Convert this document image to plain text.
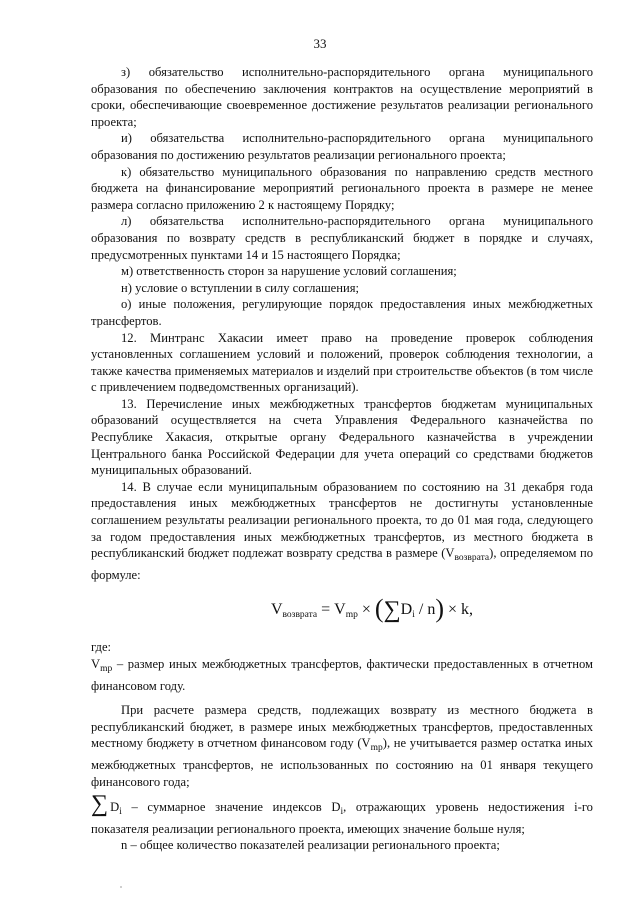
33

з) обязательство исполнительно-распорядительного органа муниципального образования по обеспечению заключения контрактов на осуществление мероприятий в сроки, обеспечивающие своевременное достижение результатов реализации регионального проекта;

и) обязательства исполнительно-распорядительного органа муниципального образования по достижению результатов реализации регионального проекта;

к) обязательство муниципального образования по направлению средств местного бюджета на финансирование мероприятий регионального проекта в размере не менее размера согласно приложению 2 к настоящему Порядку;

л) обязательства исполнительно-распорядительного органа муниципального образования по возврату средств в республиканский бюджет в порядке и случаях, предусмотренных пунктами 14 и 15 настоящего Порядка;

м) ответственность сторон за нарушение условий соглашения;

н) условие о вступлении в силу соглашения;

о) иные положения, регулирующие порядок предоставления иных межбюджетных трансфертов.

12. Минтранс Хакасии имеет право на проведение проверок соблюдения установленных соглашением условий и положений, проверок соблюдения технологии, а также качества применяемых материалов и изделий при строительстве объектов (в том числе с привлечением подведомственных организаций).

13. Перечисление иных межбюджетных трансфертов бюджетам муниципальных образований осуществляется на счета Управления Федерального казначейства по Республике Хакасия, открытые органу Федерального казначейства в учреждении Центрального банка Российской Федерации для учета операций со средствами бюджетов муниципальных образований.

14. В случае если муниципальным образованием по состоянию на 31 декабря года предоставления иных межбюджетных трансфертов не достигнуты установленные соглашением результаты реализации регионального проекта, то до 01 мая года, следующего за годом предоставления иных межбюджетных трансфертов, из местного бюджета в республиканский бюджет подлежат возврату средства в размере $(V_{возврата})$, определяемом по формуле:

$V_{возврата} = V_{mp} \times (\sum D_i / n) \times k$,

где:

$V_{mp}$ – размер иных межбюджетных трансфертов, фактически предоставленных в отчетном финансовом году.

При расчете размера средств, подлежащих возврату из местного бюджета в республиканский бюджет, в размере иных межбюджетных трансфертов, предоставленных местному бюджету в отчетном финансовом году $(V_{mp})$, не учитывается размер остатка иных межбюджетных трансфертов, не использованных по состоянию на 01 января текущего финансового года;

∑ $D_i$ – суммарное значение индексов $D_i$, отражающих уровень недостижения i-го показателя реализации регионального проекта, имеющих значение больше нуля;

n – общее количество показателей реализации регионального проекта;
